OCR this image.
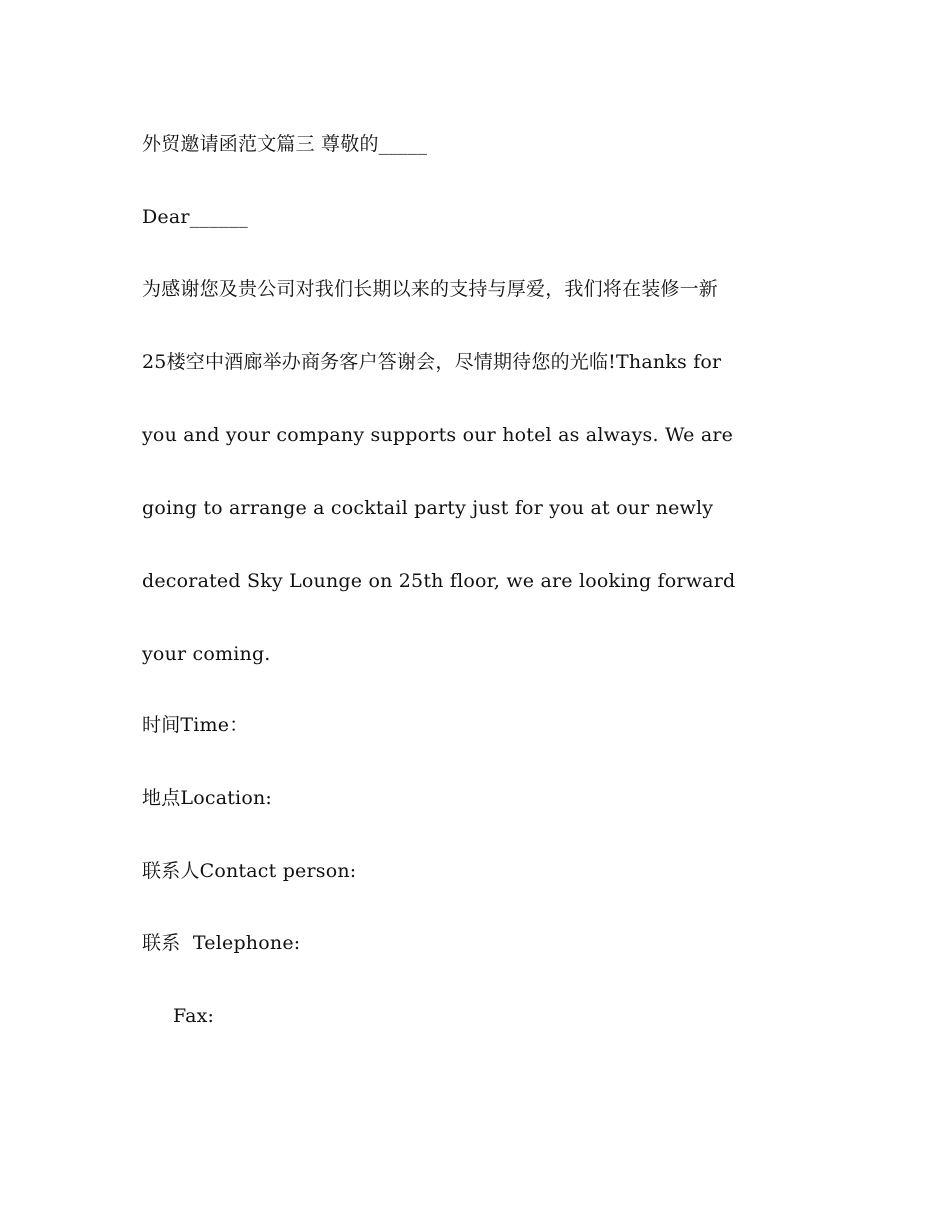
外贸邀请函范文篇三 尊敬的_____
Dear______
为感谢您及贵公司对我们长期以来的支持与厚爱，我们将在装修一新
25楼空中酒廊举办商务客户答谢会，尽情期待您的光临!Thanks for
you and your company supports our hotel as always. We are
going to arrange a cocktail party just for you at our newly
decorated Sky Lounge on 25th floor, we are looking forward
your coming.
时间Time：
地点Location:
联系人Contact person:
联系  Telephone:
Fax:
